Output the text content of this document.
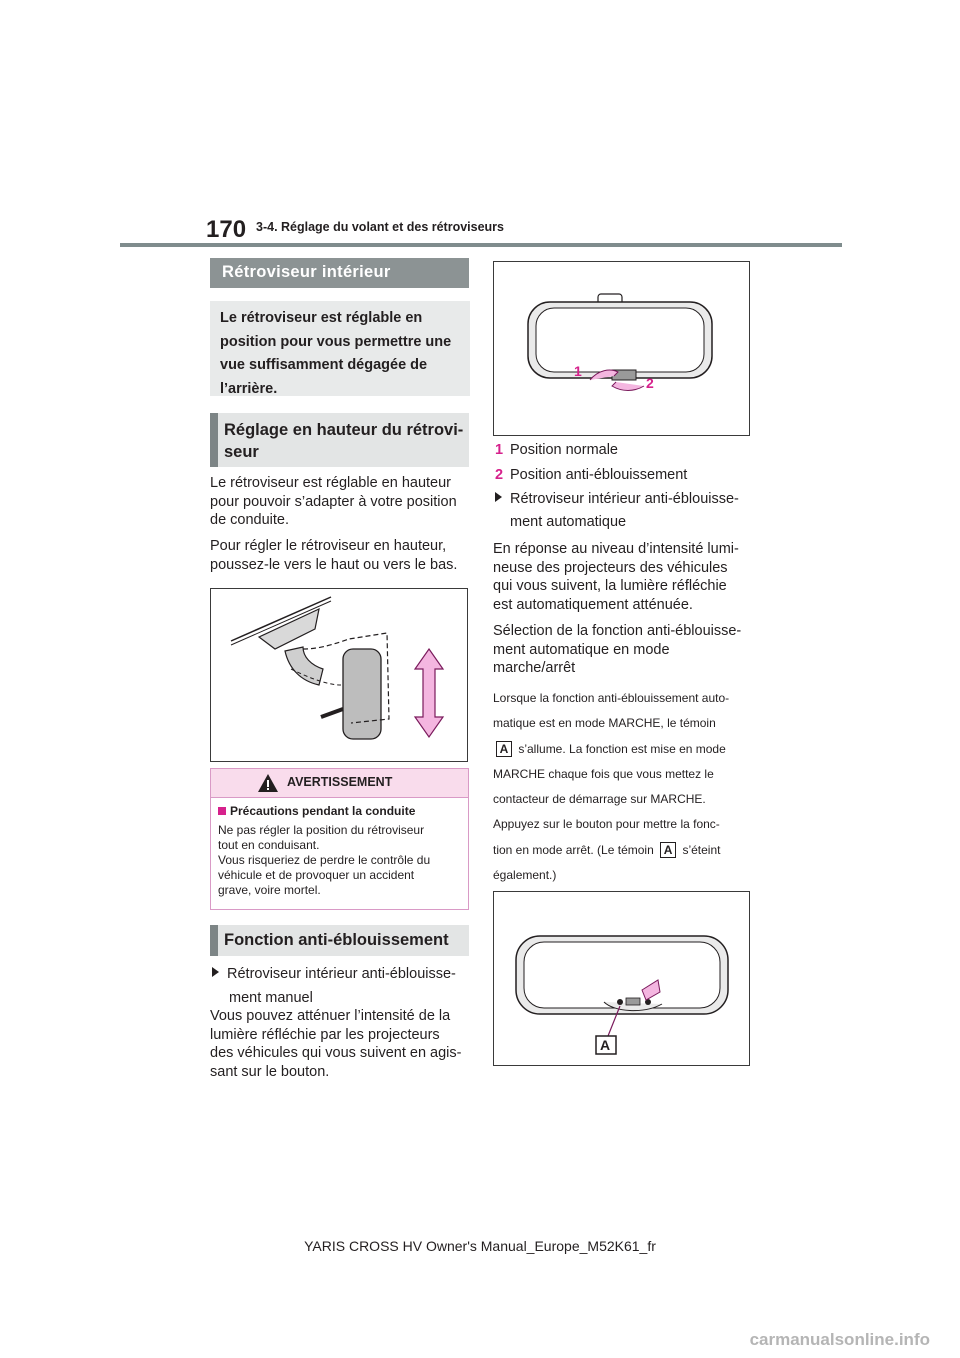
170 3-4. Réglage du volant et des rétroviseurs
Rétroviseur intérieur
Le rétroviseur est réglable en
position pour vous permettre une
vue suffisamment dégagée de
l’arrière.
Réglage en hauteur du rétrovi-
seur
Le rétroviseur est réglable en hauteur
pour pouvoir s’adapter à votre position
de conduite.
Pour régler le rétroviseur en hauteur,
poussez-le vers le haut ou vers le bas.
AVERTISSEMENT
Précautions pendant la conduite
Ne pas régler la position du rétroviseur
tout en conduisant.
Vous risqueriez de perdre le contrôle du
véhicule et de provoquer un accident
grave, voire mortel.
Fonction anti-éblouissement
Rétroviseur intérieur anti-éblouisse-
ment manuel
Vous pouvez atténuer l’intensité de la
lumière réfléchie par les projecteurs
des véhicules qui vous suivent en agis-
sant sur le bouton.
1
2
1 Position normale
2 Position anti-éblouissement
Rétroviseur intérieur anti-éblouisse-
ment automatique
En réponse au niveau d’intensité lumi-
neuse des projecteurs des véhicules
qui vous suivent, la lumière réfléchie
est automatiquement atténuée.
Sélection de la fonction anti-éblouisse-
ment automatique en mode
marche/arrêt
Lorsque la fonction anti-éblouissement auto-
matique est en mode MARCHE, le témoin
A s’allume. La fonction est mise en mode
MARCHE chaque fois que vous mettez le
contacteur de démarrage sur MARCHE.
Appuyez sur le bouton pour mettre la fonc-
tion en mode arrêt. (Le témoin A s’éteint
également.)
A
YARIS CROSS HV Owner's Manual_Europe_M52K61_fr
carmanualsonline.info
